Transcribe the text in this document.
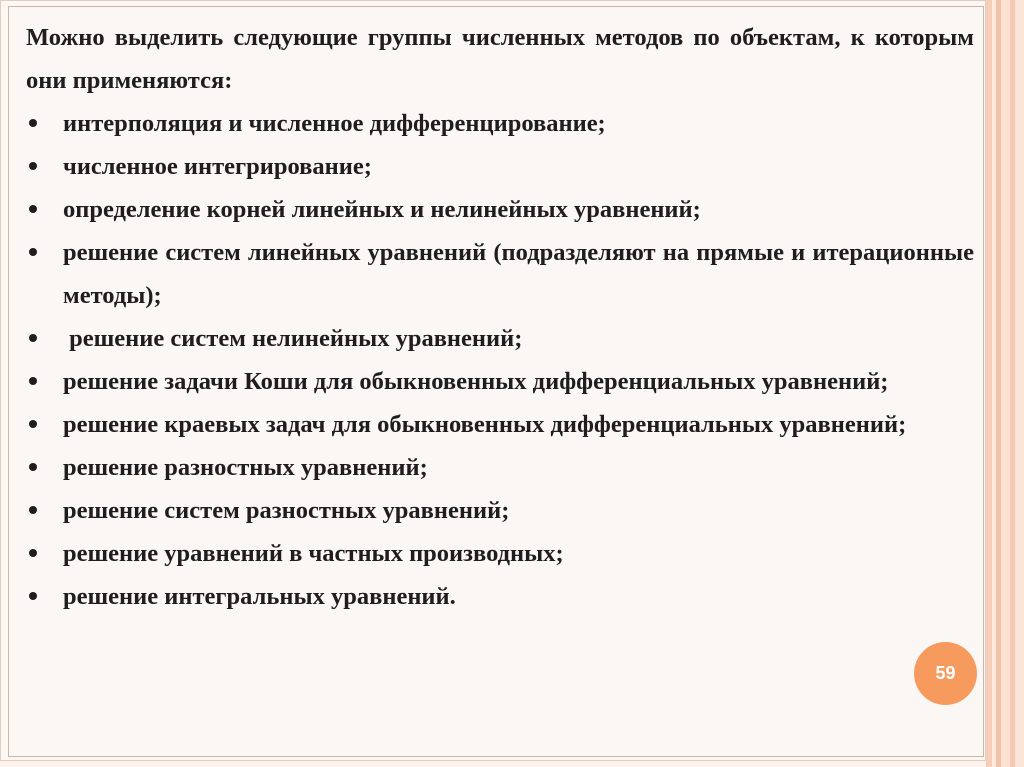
Можно выделить следующие группы численных методов по объектам, к которым они применяются:

интерполяция и численное дифференцирование;
численное интегрирование;
определение корней линейных и нелинейных уравнений;
решение систем линейных уравнений (подразделяют на прямые и итерационные методы);
решение систем нелинейных уравнений;
решение задачи Коши для обыкновенных дифференциальных уравнений;
решение краевых задач для обыкновенных дифференциальных уравнений;
решение разностных уравнений;
решение систем разностных уравнений;
решение уравнений в частных производных;
решение интегральных уравнений.
59
